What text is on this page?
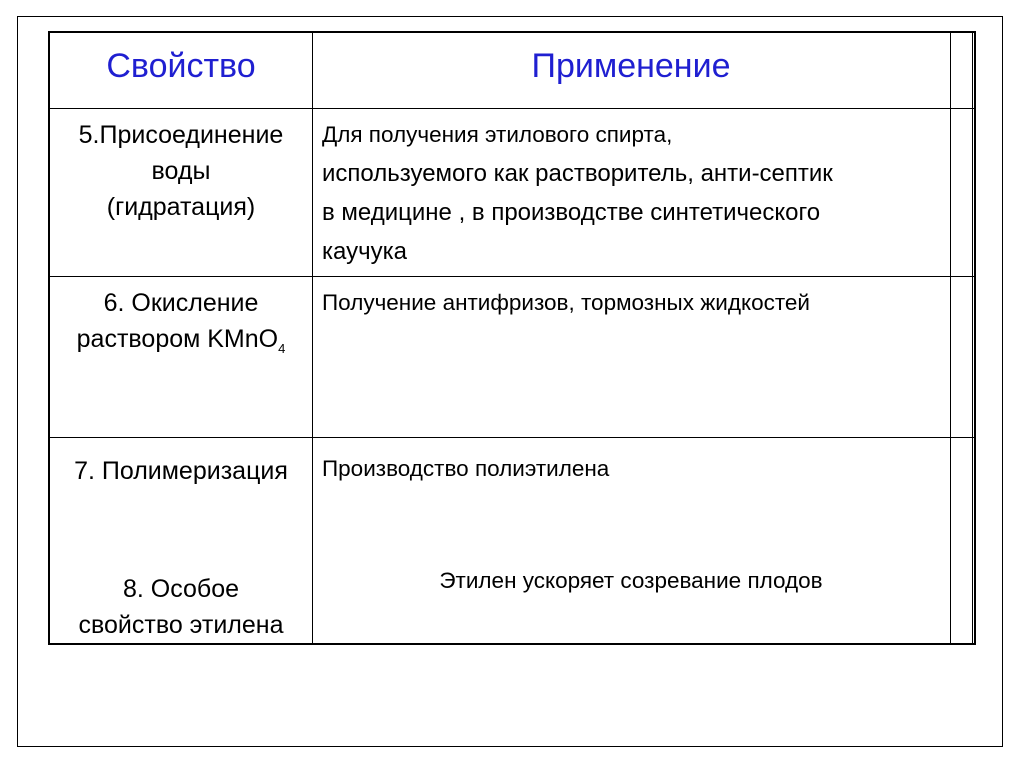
Свойство	Применение
5.Присоединение
воды
(гидратация)
Для получения этилового спирта,
используемого как растворитель, анти-септик
в медицине , в производстве синтетического
каучука
6. Окисление
раствором KMnO$_4$
Получение антифризов, тормозных жидкостей
7. Полимеризация	Производство полиэтилена
8. Особое
свойство этилена
Этилен ускоряет созревание плодов
